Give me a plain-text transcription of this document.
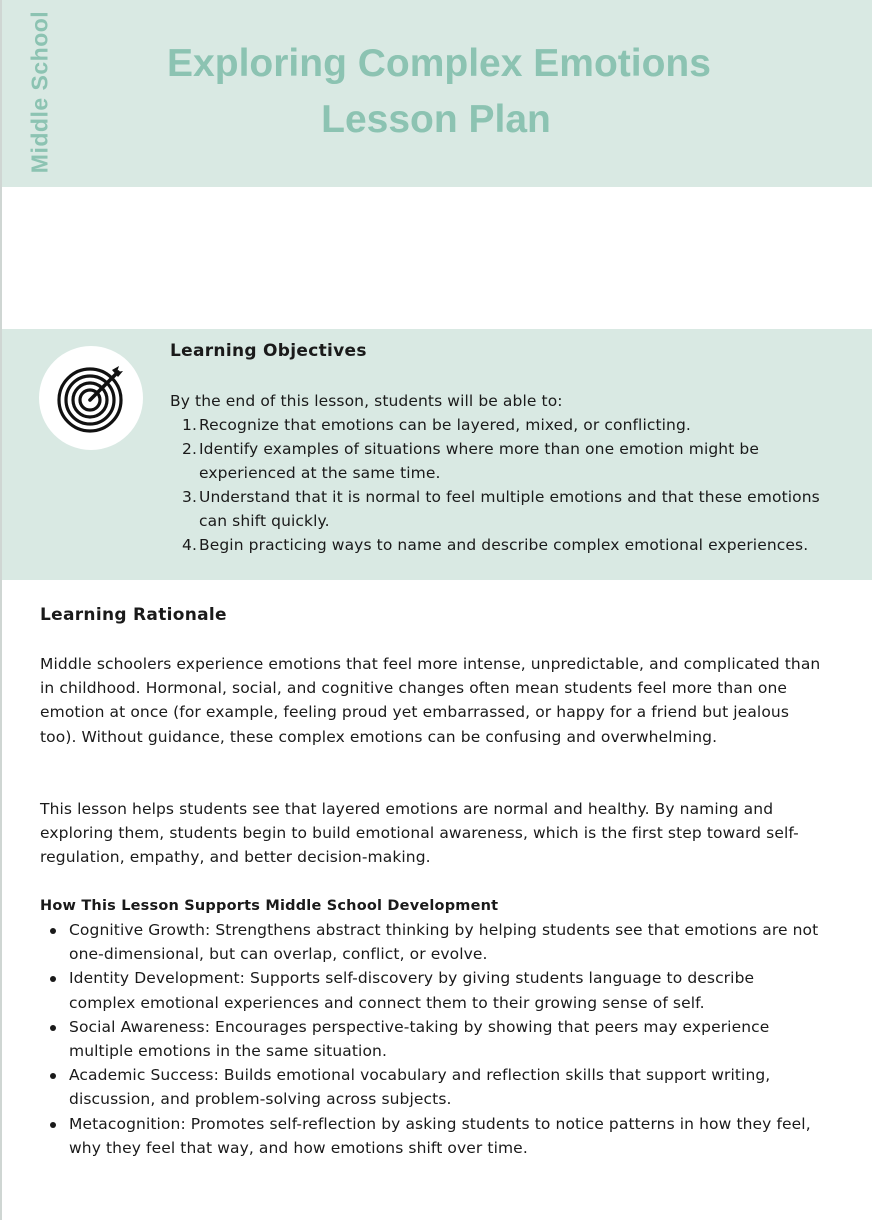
Middle School	Exploring Complex Emotions
Lesson Plan
Learning Objectives
By the end of this lesson, students will be able to:
1. Recognize that emotions can be layered, mixed, or conflicting.
2. Identify examples of situations where more than one emotion might be experienced at the same time.
3. Understand that it is normal to feel multiple emotions and that these emotions can shift quickly.
4. Begin practicing ways to name and describe complex emotional experiences.
Learning Rationale

Middle schoolers experience emotions that feel more intense, unpredictable, and complicated than in childhood. Hormonal, social, and cognitive changes often mean students feel more than one emotion at once (for example, feeling proud yet embarrassed, or happy for a friend but jealous too). Without guidance, these complex emotions can be confusing and overwhelming.

This lesson helps students see that layered emotions are normal and healthy. By naming and exploring them, students begin to build emotional awareness, which is the first step toward self-regulation, empathy, and better decision-making.

How This Lesson Supports Middle School Development
Cognitive Growth: Strengthens abstract thinking by helping students see that emotions are not one-dimensional, but can overlap, conflict, or evolve.
Identity Development: Supports self-discovery by giving students language to describe complex emotional experiences and connect them to their growing sense of self.
Social Awareness: Encourages perspective-taking by showing that peers may experience multiple emotions in the same situation.
Academic Success: Builds emotional vocabulary and reflection skills that support writing, discussion, and problem-solving across subjects.
Metacognition: Promotes self-reflection by asking students to notice patterns in how they feel, why they feel that way, and how emotions shift over time.
